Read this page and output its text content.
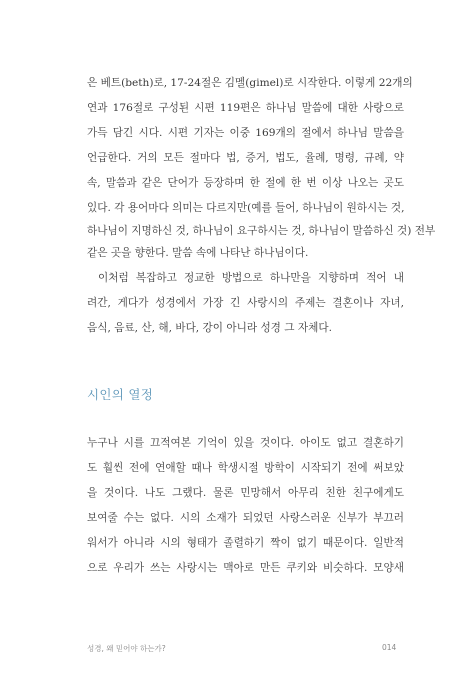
은 베트(beth)로, 17-24절은 김멜(gimel)로 시작한다. 이렇게 22개의
연과 176절로 구성된 시편 119편은 하나님 말씀에 대한 사랑으로
가득 담긴 시다. 시편 기자는 이중 169개의 절에서 하나님 말씀을
언급한다. 거의 모든 절마다 법, 증거, 법도, 율례, 명령, 규례, 약
속, 말씀과 같은 단어가 등장하며 한 절에 한 번 이상 나오는 곳도
있다. 각 용어마다 의미는 다르지만(예를 들어, 하나님이 원하시는 것,
하나님이 지명하신 것, 하나님이 요구하시는 것, 하나님이 말씀하신 것) 전부
같은 곳을 향한다. 말씀 속에 나타난 하나님이다.
이처럼 복잡하고 정교한 방법으로 하나만을 지향하며 적어 내
려간, 게다가 성경에서 가장 긴 사랑시의 주제는 결혼이나 자녀,
음식, 음료, 산, 해, 바다, 강이 아니라 성경 그 자체다.
시인의 열정
누구나 시를 끄적여본 기억이 있을 것이다. 아이도 없고 결혼하기
도 훨씬 전에 연애할 때나 학생시절 방학이 시작되기 전에 써보았
을 것이다. 나도 그랬다. 물론 민망해서 아무리 친한 친구에게도
보여줄 수는 없다. 시의 소재가 되었던 사랑스러운 신부가 부끄러
워서가 아니라 시의 형태가 졸렬하기 짝이 없기 때문이다. 일반적
으로 우리가 쓰는 사랑시는 맥아로 만든 쿠키와 비슷하다. 모양새
성경, 왜 믿어야 하는가?	014
